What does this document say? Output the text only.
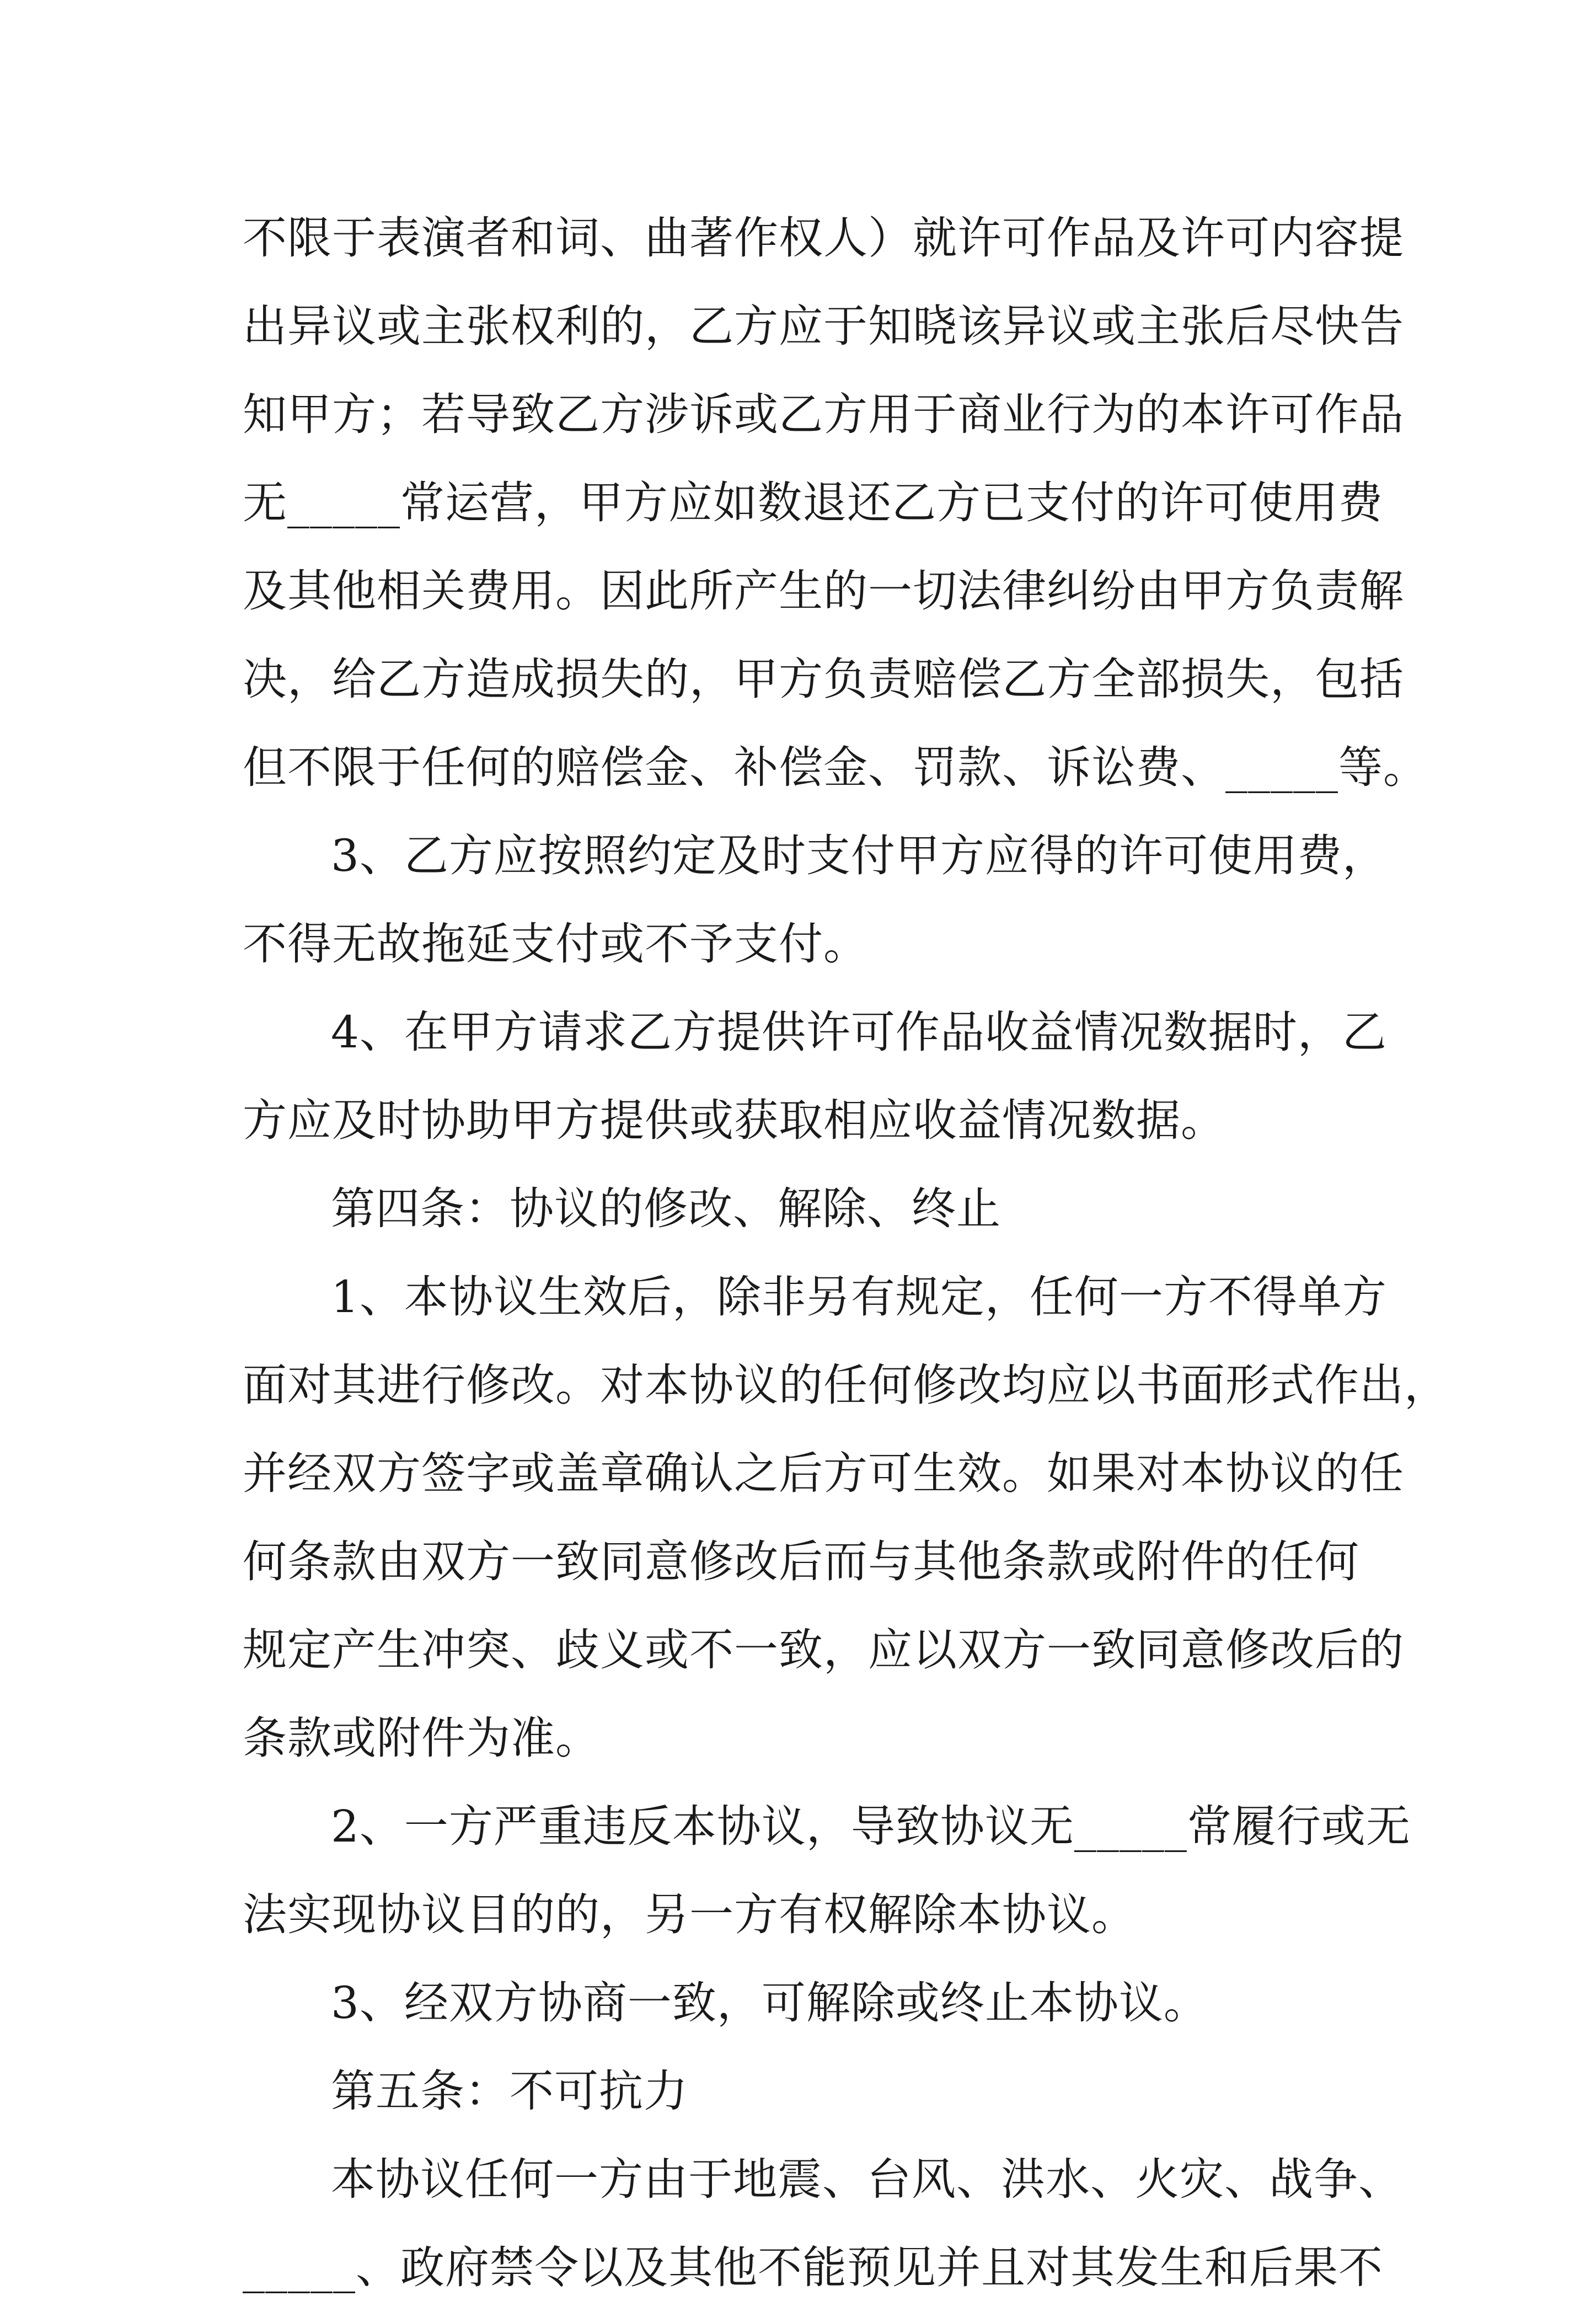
不限于表演者和词、曲著作权人）就许可作品及许可内容提
出异议或主张权利的，乙方应于知晓该异议或主张后尽快告
知甲方；若导致乙方涉诉或乙方用于商业行为的本许可作品
无_____常运营，甲方应如数退还乙方已支付的许可使用费
及其他相关费用。因此所产生的一切法律纠纷由甲方负责解
决，给乙方造成损失的，甲方负责赔偿乙方全部损失，包括
但不限于任何的赔偿金、补偿金、罚款、诉讼费、_____等。
3、乙方应按照约定及时支付甲方应得的许可使用费，
不得无故拖延支付或不予支付。
4、在甲方请求乙方提供许可作品收益情况数据时，乙
方应及时协助甲方提供或获取相应收益情况数据。
第四条：协议的修改、解除、终止
1、本协议生效后，除非另有规定，任何一方不得单方
面对其进行修改。对本协议的任何修改均应以书面形式作出，
并经双方签字或盖章确认之后方可生效。如果对本协议的任
何条款由双方一致同意修改后而与其他条款或附件的任何
规定产生冲突、歧义或不一致，应以双方一致同意修改后的
条款或附件为准。
2、一方严重违反本协议，导致协议无_____常履行或无
法实现协议目的的，另一方有权解除本协议。
3、经双方协商一致，可解除或终止本协议。
第五条：不可抗力
本协议任何一方由于地震、台风、洪水、火灾、战争、
_____、政府禁令以及其他不能预见并且对其发生和后果不
